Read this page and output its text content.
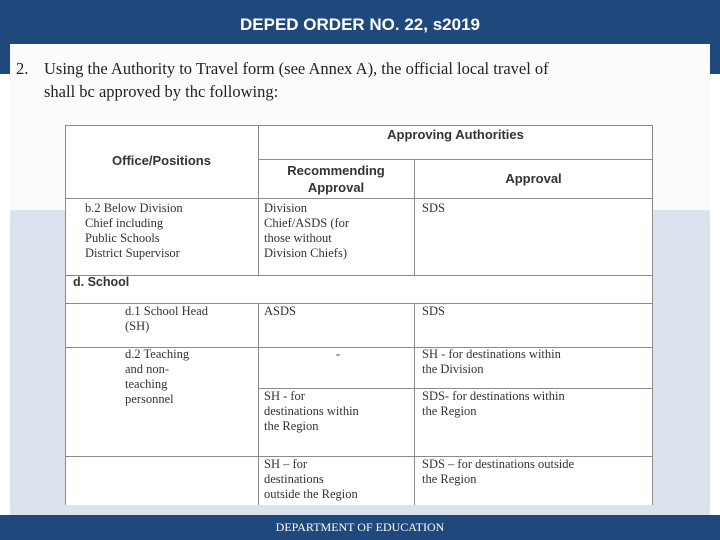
DEPED ORDER NO. 22, s2019
2. Using the Authority to Travel form (see Annex A), the official local travel of
shall bc approved by thc following:
Office/Positions
Approving Authorities
Recommending
Approval
Approval
b.2 Below Division
Chief including
Public Schools
District Supervisor
Division
Chief/ASDS (for
those without
Division Chiefs)
SDS
d. School
d.1 School Head
(SH)
ASDS	SDS
d.2 Teaching
and non-
teaching
personnel
-	SH - for destinations within
the Division
SH - for
destinations within
the Region
SDS- for destinations within
the Region
SH – for
destinations
outside the Region
SDS – for destinations outside
the Region
DEPARTMENT OF EDUCATION
